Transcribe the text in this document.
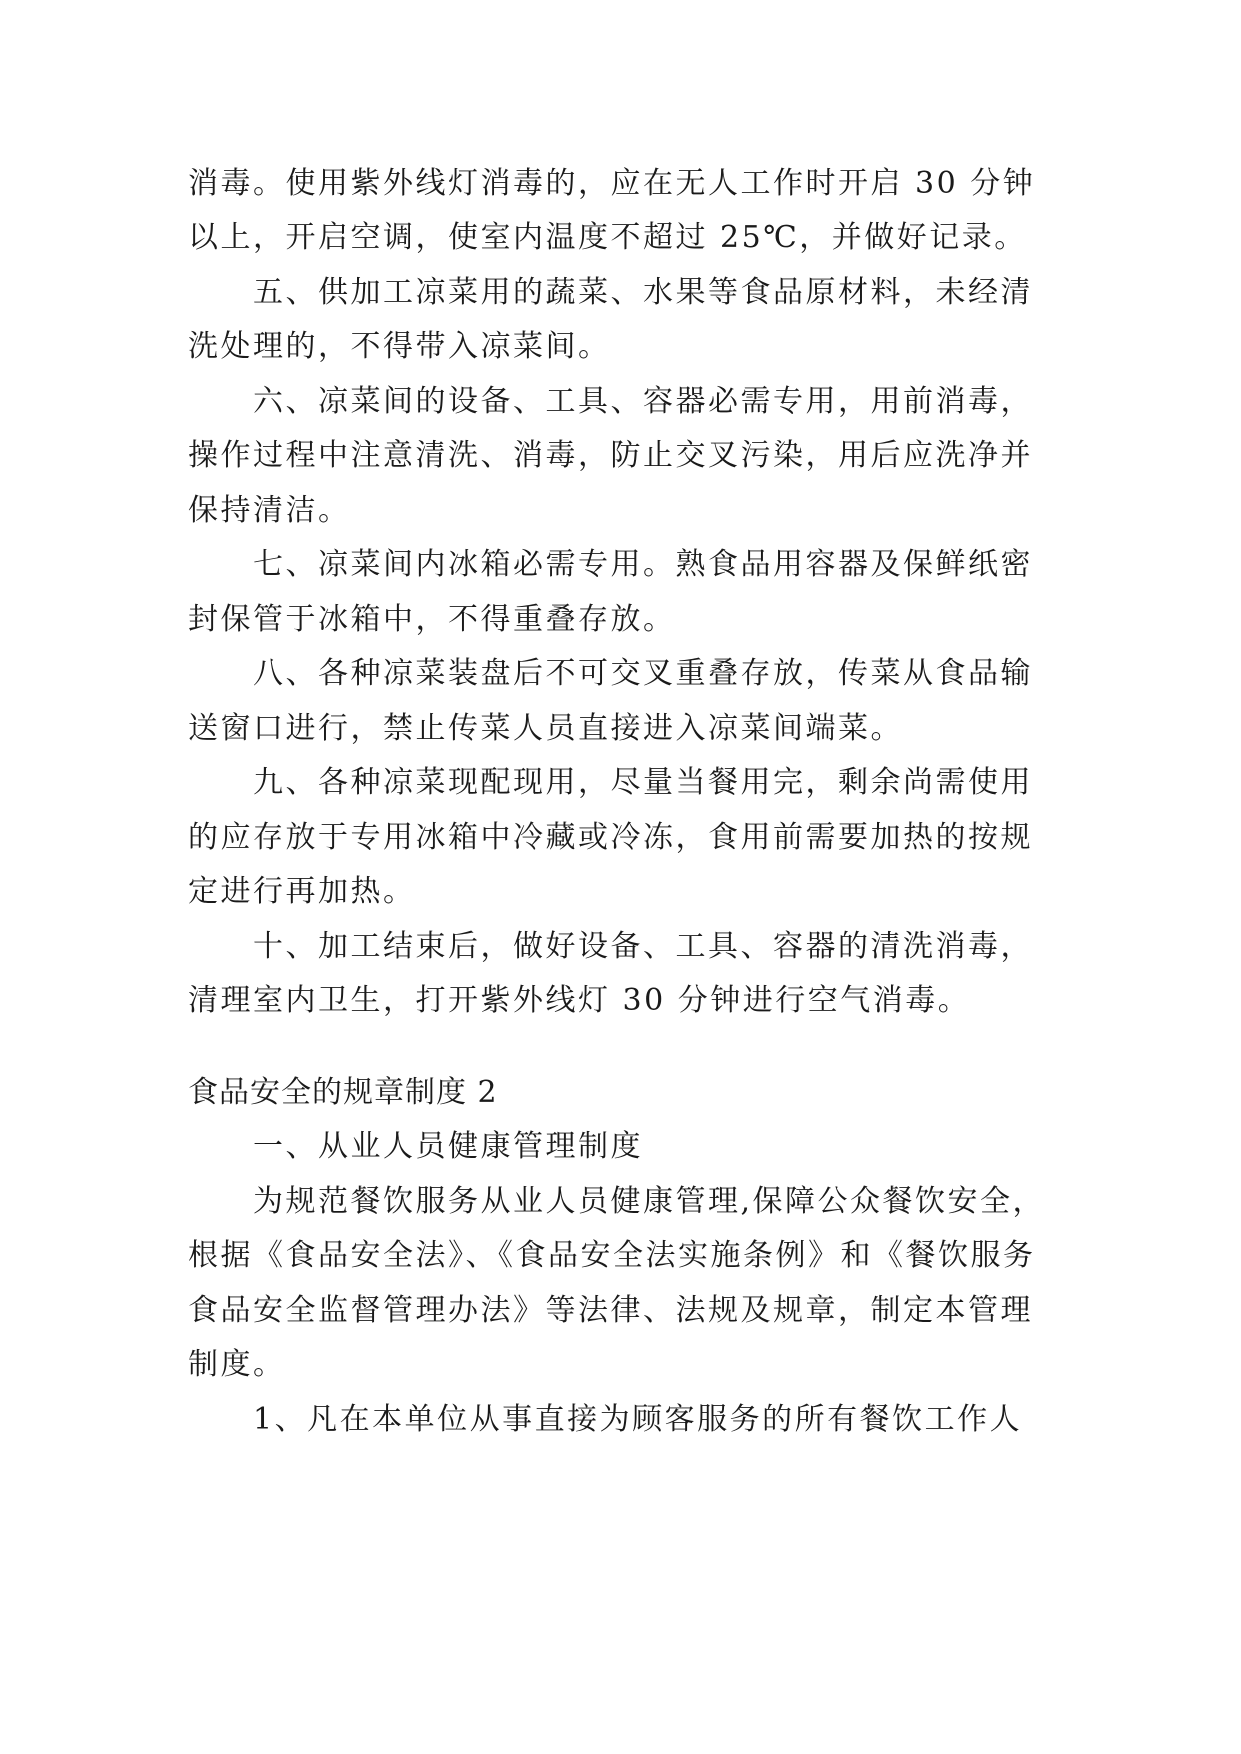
消毒。使用紫外线灯消毒的，应在无人工作时开启 30 分钟
以上，开启空调，使室内温度不超过 25℃，并做好记录。
五、供加工凉菜用的蔬菜、水果等食品原材料，未经清
洗处理的，不得带入凉菜间。
六、凉菜间的设备、工具、容器必需专用，用前消毒，
操作过程中注意清洗、消毒，防止交叉污染，用后应洗净并
保持清洁。
七、凉菜间内冰箱必需专用。熟食品用容器及保鲜纸密
封保管于冰箱中，不得重叠存放。
八、各种凉菜装盘后不可交叉重叠存放，传菜从食品输
送窗口进行，禁止传菜人员直接进入凉菜间端菜。
九、各种凉菜现配现用，尽量当餐用完，剩余尚需使用
的应存放于专用冰箱中冷藏或冷冻，食用前需要加热的按规
定进行再加热。
十、加工结束后，做好设备、工具、容器的清洗消毒，
清理室内卫生，打开紫外线灯 30 分钟进行空气消毒。
食品安全的规章制度 2
一、从业人员健康管理制度
为规范餐饮服务从业人员健康管理,保障公众餐饮安全，
根据《食品安全法》、《食品安全法实施条例》和《餐饮服务
食品安全监督管理办法》等法律、法规及规章，制定本管理
制度。
1、凡在本单位从事直接为顾客服务的所有餐饮工作人
